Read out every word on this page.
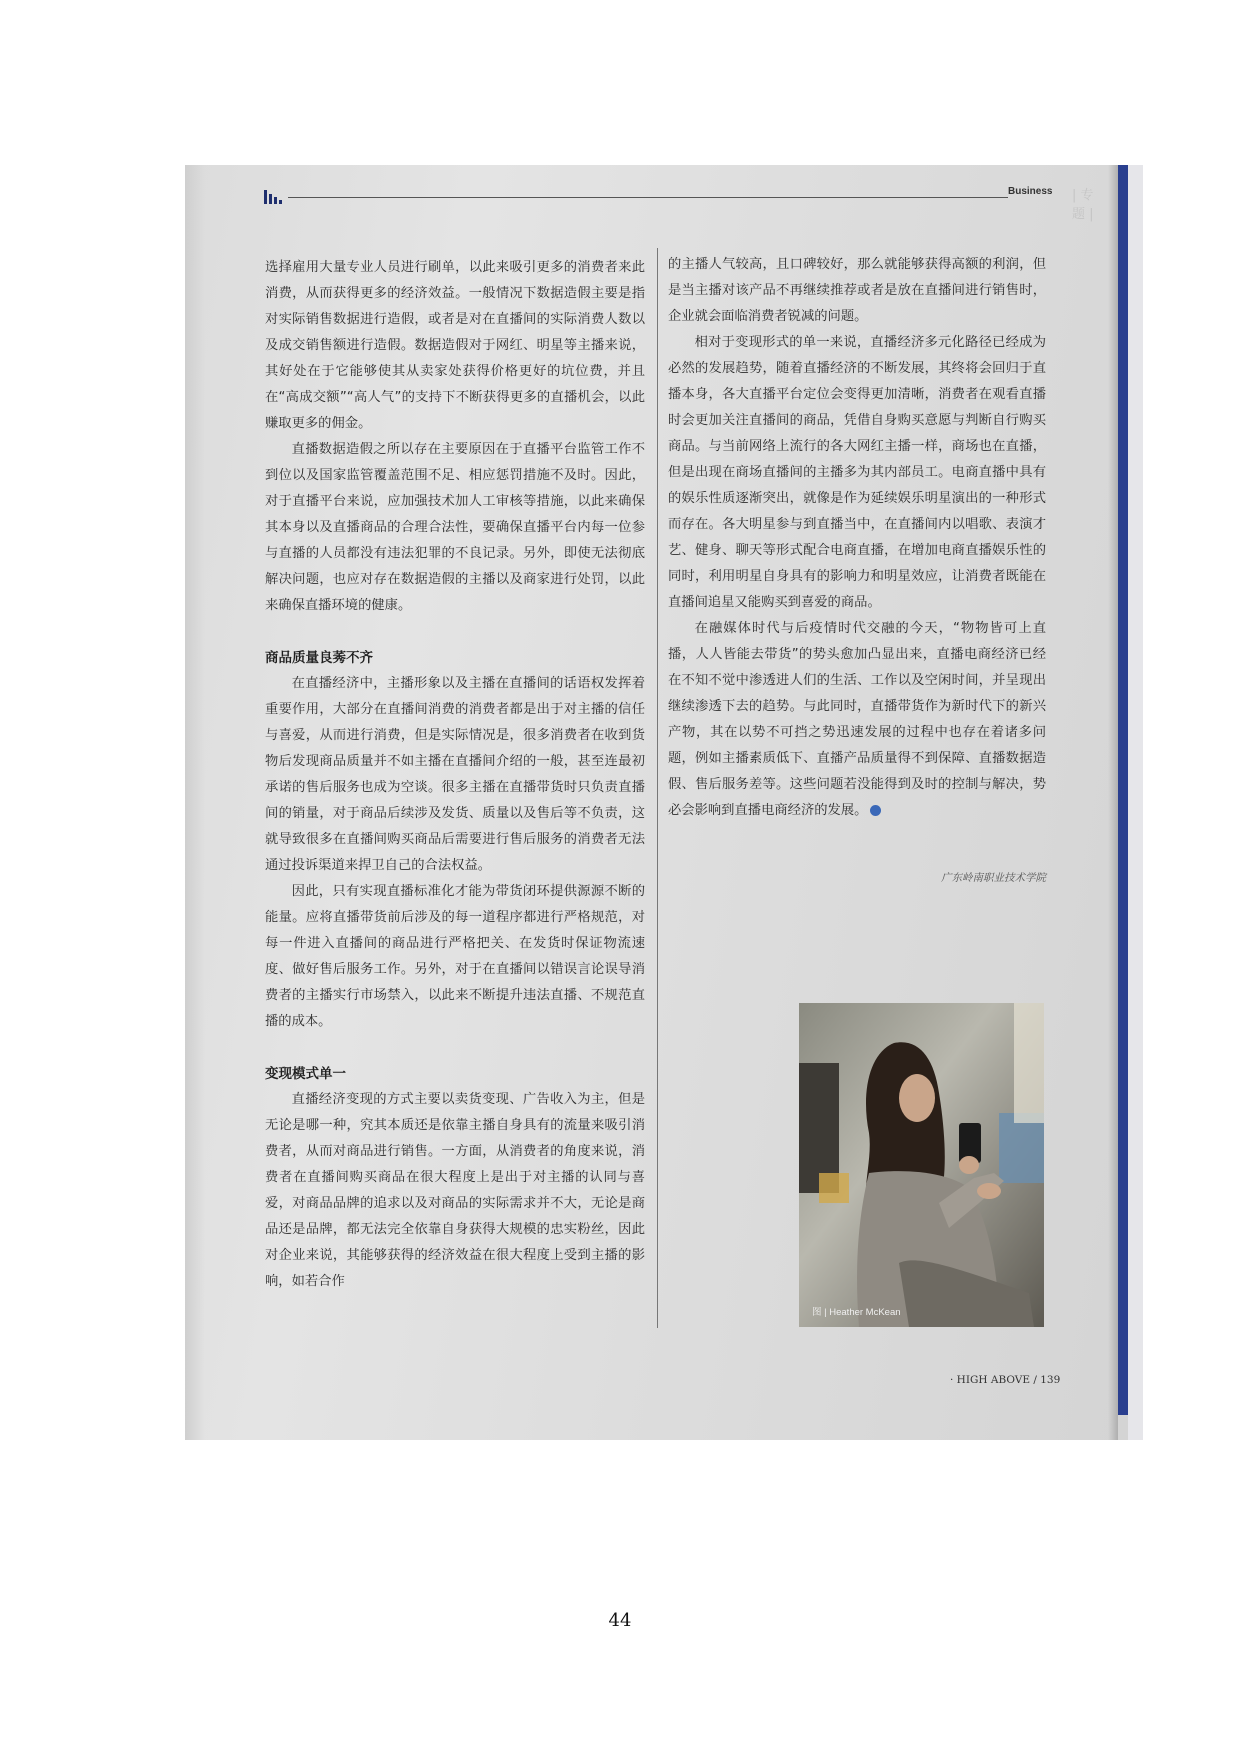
Business | 专题 |

选择雇用大量专业人员进行刷单，以此来吸引更多的消费者来此消费，从而获得更多的经济效益。一般情况下数据造假主要是指对实际销售数据进行造假，或者是对在直播间的实际消费人数以及成交销售额进行造假。数据造假对于网红、明星等主播来说，其好处在于它能够使其从卖家处获得价格更好的坑位费，并且在“高成交额”“高人气”的支持下不断获得更多的直播机会，以此赚取更多的佣金。

直播数据造假之所以存在主要原因在于直播平台监管工作不到位以及国家监管覆盖范围不足、相应惩罚措施不及时。因此，对于直播平台来说，应加强技术加人工审核等措施，以此来确保其本身以及直播商品的合理合法性，要确保直播平台内每一位参与直播的人员都没有违法犯罪的不良记录。另外，即使无法彻底解决问题，也应对存在数据造假的主播以及商家进行处罚，以此来确保直播环境的健康。

商品质量良莠不齐

在直播经济中，主播形象以及主播在直播间的话语权发挥着重要作用，大部分在直播间消费的消费者都是出于对主播的信任与喜爱，从而进行消费，但是实际情况是，很多消费者在收到货物后发现商品质量并不如主播在直播间介绍的一般，甚至连最初承诺的售后服务也成为空谈。很多主播在直播带货时只负责直播间的销量，对于商品后续涉及发货、质量以及售后等不负责，这就导致很多在直播间购买商品后需要进行售后服务的消费者无法通过投诉渠道来捍卫自己的合法权益。

因此，只有实现直播标准化才能为带货闭环提供源源不断的能量。应将直播带货前后涉及的每一道程序都进行严格规范，对每一件进入直播间的商品进行严格把关、在发货时保证物流速度、做好售后服务工作。另外，对于在直播间以错误言论误导消费者的主播实行市场禁入，以此来不断提升违法直播、不规范直播的成本。

变现模式单一

直播经济变现的方式主要以卖货变现、广告收入为主，但是无论是哪一种，究其本质还是依靠主播自身具有的流量来吸引消费者，从而对商品进行销售。一方面，从消费者的角度来说，消费者在直播间购买商品在很大程度上是出于对主播的认同与喜爱，对商品品牌的追求以及对商品的实际需求并不大，无论是商品还是品牌，都无法完全依靠自身获得大规模的忠实粉丝，因此对企业来说，其能够获得的经济效益在很大程度上受到主播的影响，如若合作

的主播人气较高，且口碑较好，那么就能够获得高额的利润，但是当主播对该产品不再继续推荐或者是放在直播间进行销售时，企业就会面临消费者锐减的问题。

相对于变现形式的单一来说，直播经济多元化路径已经成为必然的发展趋势，随着直播经济的不断发展，其终将会回归于直播本身，各大直播平台定位会变得更加清晰，消费者在观看直播时会更加关注直播间的商品，凭借自身购买意愿与判断自行购买商品。与当前网络上流行的各大网红主播一样，商场也在直播，但是出现在商场直播间的主播多为其内部员工。电商直播中具有的娱乐性质逐渐突出，就像是作为延续娱乐明星演出的一种形式而存在。各大明星参与到直播当中，在直播间内以唱歌、表演才艺、健身、聊天等形式配合电商直播，在增加电商直播娱乐性的同时，利用明星自身具有的影响力和明星效应，让消费者既能在直播间追星又能购买到喜爱的商品。

在融媒体时代与后疫情时代交融的今天，“物物皆可上直播，人人皆能去带货”的势头愈加凸显出来，直播电商经济已经在不知不觉中渗透进人们的生活、工作以及空闲时间，并呈现出继续渗透下去的趋势。与此同时，直播带货作为新时代下的新兴产物，其在以势不可挡之势迅速发展的过程中也存在着诸多问题，例如主播素质低下、直播产品质量得不到保障、直播数据造假、售后服务差等。这些问题若没能得到及时的控制与解决，势必会影响到直播电商经济的发展。

广东岭南职业技术学院
图 | Heather McKean
· HIGH ABOVE / 139
44
